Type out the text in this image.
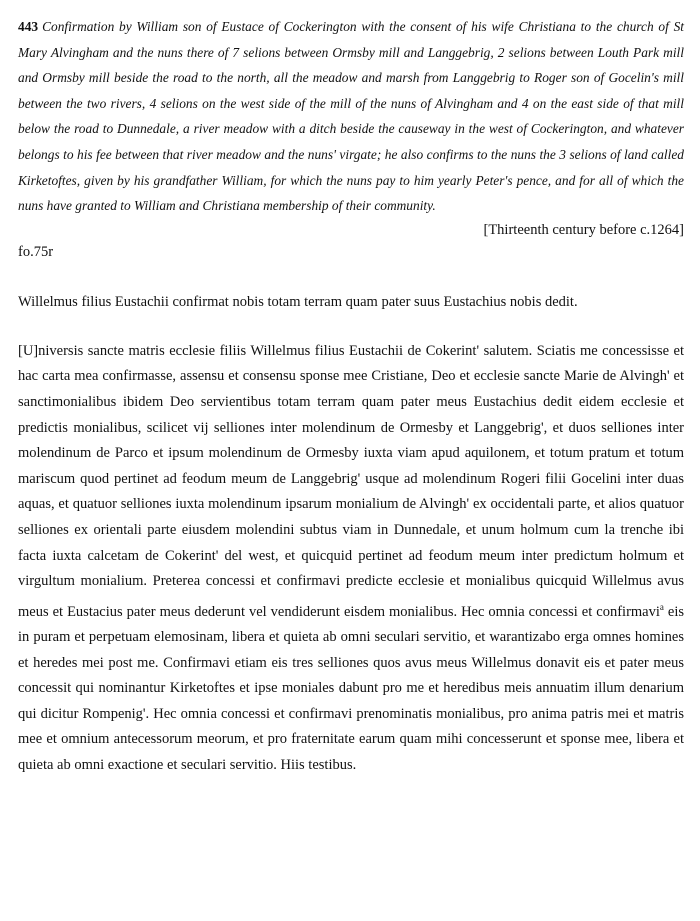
443 Confirmation by William son of Eustace of Cockerington with the consent of his wife Christiana to the church of St Mary Alvingham and the nuns there of 7 selions between Ormsby mill and Langgebrig, 2 selions between Louth Park mill and Ormsby mill beside the road to the north, all the meadow and marsh from Langgebrig to Roger son of Gocelin's mill between the two rivers, 4 selions on the west side of the mill of the nuns of Alvingham and 4 on the east side of that mill below the road to Dunnedale, a river meadow with a ditch beside the causeway in the west of Cockerington, and whatever belongs to his fee between that river meadow and the nuns' virgate; he also confirms to the nuns the 3 selions of land called Kirketoftes, given by his grandfather William, for which the nuns pay to him yearly Peter's pence, and for all of which the nuns have granted to William and Christiana membership of their community.

[Thirteenth century before c.1264]

fo.75r

Willelmus filius Eustachii confirmat nobis totam terram quam pater suus Eustachius nobis dedit.

[U]niversis sancte matris ecclesie filiis Willelmus filius Eustachii de Cokerint' salutem. Sciatis me concessisse et hac carta mea confirmasse, assensu et consensu sponse mee Cristiane, Deo et ecclesie sancte Marie de Alvingh' et sanctimonialibus ibidem Deo servientibus totam terram quam pater meus Eustachius dedit eidem ecclesie et predictis monialibus, scilicet vij selliones inter molendinum de Ormesby et Langgebrig', et duos selliones inter molendinum de Parco et ipsum molendinum de Ormesby iuxta viam apud aquilonem, et totum pratum et totum mariscum quod pertinet ad feodum meum de Langgebrig' usque ad molendinum Rogeri filii Gocelini inter duas aquas, et quatuor selliones iuxta molendinum ipsarum monialium de Alvingh' ex occidentali parte, et alios quatuor selliones ex orientali parte eiusdem molendini subtus viam in Dunnedale, et unum holmum cum la trenche ibi facta iuxta calcetam de Cokerint' del west, et quicquid pertinet ad feodum meum inter predictum holmum et virgultum monialium. Preterea concessi et confirmavi predicte ecclesie et monialibus quicquid Willelmus avus meus et Eustacius pater meus dederunt vel vendiderunt eisdem monialibus. Hec omnia concessi et confirmavi$^a$ eis in puram et perpetuam elemosinam, libera et quieta ab omni seculari servitio, et warantizabo erga omnes homines et heredes mei post me. Confirmavi etiam eis tres selliones quos avus meus Willelmus donavit eis et pater meus concessit qui nominantur Kirketoftes et ipse moniales dabunt pro me et heredibus meis annuatim illum denarium qui dicitur Rompenig'. Hec omnia concessi et confirmavi prenominatis monialibus, pro anima patris mei et matris mee et omnium antecessorum meorum, et pro fraternitate earum quam mihi concesserunt et sponse mee, libera et quieta ab omni exactione et seculari servitio. Hiis testibus.
